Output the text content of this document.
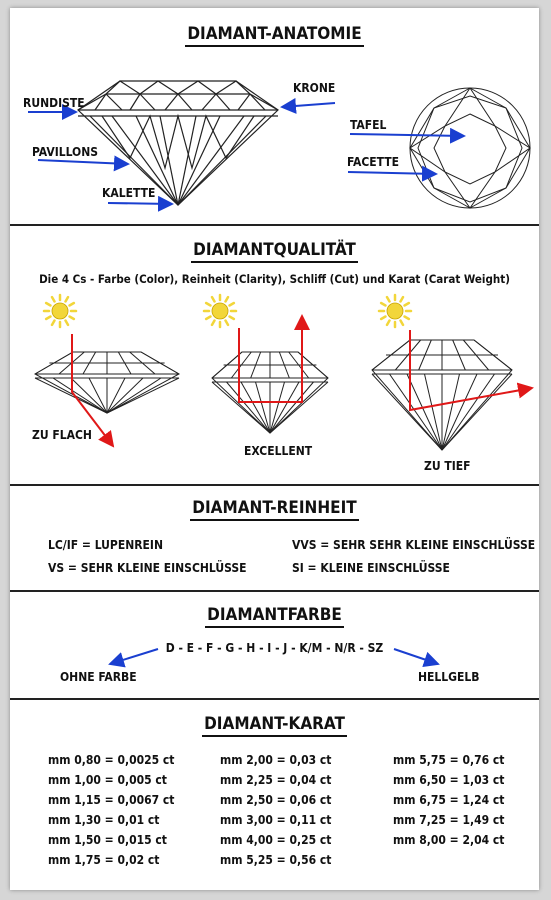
DIAMANT-ANATOMIE
RUNDISTE
PAVILLONS
KALETTE
KRONE
TAFEL
FACETTE
DIAMANTQUALITÄT
Die 4 Cs - Farbe (Color), Reinheit (Clarity), Schliff (Cut) und Karat (Carat Weight)
ZU FLACH
EXCELLENT
ZU TIEF
DIAMANT-REINHEIT
LC/IF = LUPENREIN
VS = SEHR KLEINE EINSCHLÜSSE
VVS = SEHR SEHR KLEINE EINSCHLÜSSE
SI = KLEINE EINSCHLÜSSE
DIAMANTFARBE
D - E - F - G - H - I - J - K/M - N/R - SZ
OHNE FARBE	HELLGELB
DIAMANT-KARAT
mm 0,80 = 0,0025 ct
mm 1,00 = 0,005 ct
mm 1,15 = 0,0067 ct
mm 1,30 = 0,01 ct
mm 1,50 = 0,015 ct
mm 1,75 = 0,02 ct
mm 2,00 = 0,03 ct
mm 2,25 = 0,04 ct
mm 2,50 = 0,06 ct
mm 3,00 = 0,11 ct
mm 4,00 = 0,25 ct
mm 5,25 = 0,56 ct
mm 5,75 = 0,76 ct
mm 6,50 = 1,03 ct
mm 6,75 = 1,24 ct
mm 7,25 = 1,49 ct
mm 8,00 = 2,04 ct
